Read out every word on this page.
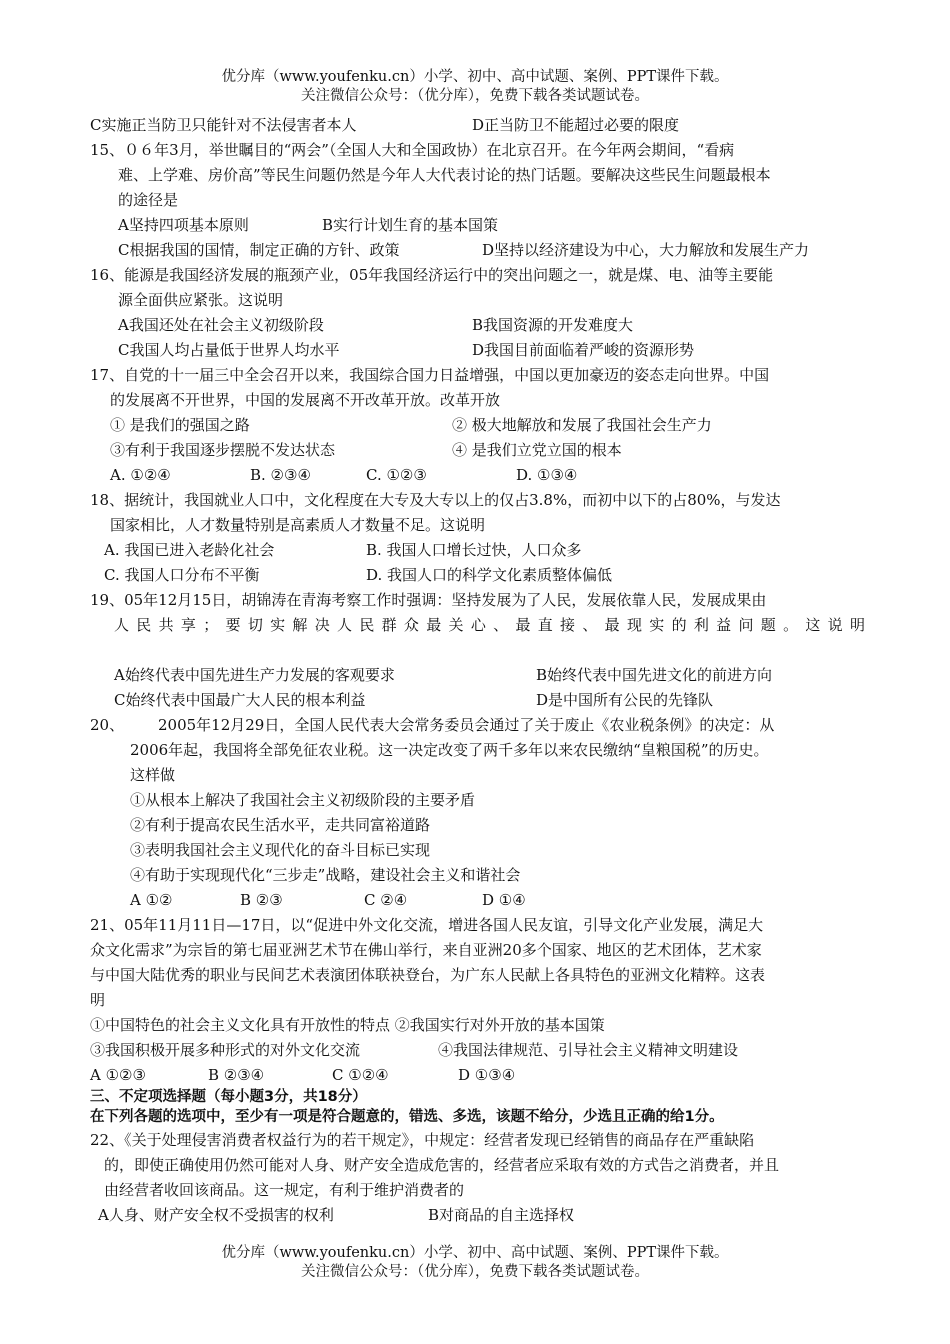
优分库（www.youfenku.cn）小学、初中、高中试题、案例、PPT课件下载。
关注微信公众号：（优分库），免费下载各类试题试卷。
C实施正当防卫只能针对不法侵害者本人	D正当防卫不能超过必要的限度
15、０６年3月，举世瞩目的“两会”（全国人大和全国政协）在北京召开。在今年两会期间，“看病
难、上学难、房价高”等民生问题仍然是今年人大代表讨论的热门话题。要解决这些民生问题最根本
的途径是
A坚持四项基本原则	B实行计划生育的基本国策
C根据我国的国情，制定正确的方针、政策	D坚持以经济建设为中心，大力解放和发展生产力
16、能源是我国经济发展的瓶颈产业，05年我国经济运行中的突出问题之一，就是煤、电、油等主要能
源全面供应紧张。这说明
A我国还处在社会主义初级阶段	B我国资源的开发难度大
C我国人均占量低于世界人均水平	D我国目前面临着严峻的资源形势
17、自党的十一届三中全会召开以来，我国综合国力日益增强，中国以更加豪迈的姿态走向世界。中国
的发展离不开世界，中国的发展离不开改革开放。改革开放
① 是我们的强国之路	② 极大地解放和发展了我国社会生产力
③有利于我国逐步摆脱不发达状态	④ 是我们立党立国的根本
A. ①②④	B. ②③④	C. ①②③	D. ①③④
18、据统计，我国就业人口中，文化程度在大专及大专以上的仅占3.8%，而初中以下的占80%，与发达
国家相比，人才数量特别是高素质人才数量不足。这说明
A. 我国已进入老龄化社会	B. 我国人口增长过快，人口众多
C. 我国人口分布不平衡	D. 我国人口的科学文化素质整体偏低
19、05年12月15日，胡锦涛在青海考察工作时强调：坚持发展为了人民，发展依靠人民，发展成果由
人民共享；要切实解决人民群众最关心、最直接、最现实的利益问题。这说明
A始终代表中国先进生产力发展的客观要求	B始终代表中国先进文化的前进方向
C始终代表中国最广大人民的根本利益	D是中国所有公民的先锋队
20、	2005年12月29日，全国人民代表大会常务委员会通过了关于废止《农业税条例》的决定：从
2006年起，我国将全部免征农业税。这一决定改变了两千多年以来农民缴纳“皇粮国税”的历史。
这样做
①从根本上解决了我国社会主义初级阶段的主要矛盾
②有利于提高农民生活水平，走共同富裕道路
③表明我国社会主义现代化的奋斗目标已实现
④有助于实现现代化“三步走”战略，建设社会主义和谐社会
A ①②	B ②③	C ②④	D ①④
21、05年11月11日—17日，以“促进中外文化交流，增进各国人民友谊，引导文化产业发展，满足大
众文化需求”为宗旨的第七届亚洲艺术节在佛山举行，来自亚洲20多个国家、地区的艺术团体，艺术家
与中国大陆优秀的职业与民间艺术表演团体联袂登台，为广东人民献上各具特色的亚洲文化精粹。这表
明
①中国特色的社会主义文化具有开放性的特点 ②我国实行对外开放的基本国策
③我国积极开展多种形式的对外文化交流	④我国法律规范、引导社会主义精神文明建设
A ①②③	B ②③④	C ①②④	D ①③④
三、不定项选择题（每小题3分，共18分）
在下列各题的选项中，至少有一项是符合题意的，错选、多选，该题不给分，少选且正确的给1分。
22、《关于处理侵害消费者权益行为的若干规定》，中规定：经营者发现已经销售的商品存在严重缺陷
的，即使正确使用仍然可能对人身、财产安全造成危害的，经营者应采取有效的方式告之消费者，并且
由经营者收回该商品。这一规定，有利于维护消费者的
A人身、财产安全权不受损害的权利	B对商品的自主选择权
优分库（www.youfenku.cn）小学、初中、高中试题、案例、PPT课件下载。
关注微信公众号：（优分库），免费下载各类试题试卷。
